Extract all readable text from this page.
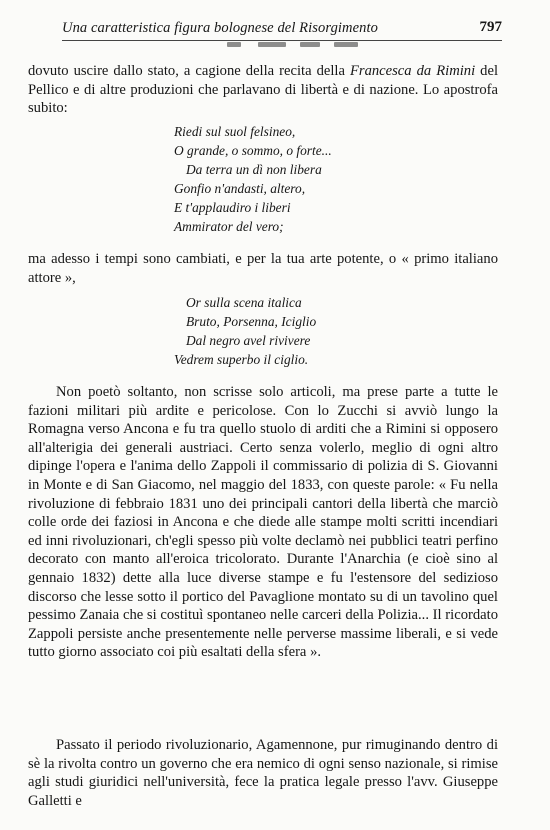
Una caratteristica figura bolognese del Risorgimento	797

dovuto uscire dallo stato, a cagione della recita della Francesca da Rimini del Pellico e di altre produzioni che parlavano di libertà e di nazione. Lo apostrofa subito:

Riedi sul suol felsineo,
O grande, o sommo, o forte...
Da terra un dì non libera
Gonfio n'andasti, altero,
E t'applaudiro i liberi
Ammirator del vero;

ma adesso i tempi sono cambiati, e per la tua arte potente, o « primo italiano attore »,

Or sulla scena italica
Bruto, Porsenna, Iciglio
Dal negro avel rivivere
Vedrem superbo il ciglio.

Non poetò soltanto, non scrisse solo articoli, ma prese parte a tutte le fazioni militari più ardite e pericolose. Con lo Zucchi si avviò lungo la Romagna verso Ancona e fu tra quello stuolo di arditi che a Rimini si opposero all'alterigia dei generali austriaci. Certo senza volerlo, meglio di ogni altro dipinge l'opera e l'anima dello Zappoli il commissario di polizia di S. Giovanni in Monte e di San Giacomo, nel maggio del 1833, con queste parole: « Fu nella rivoluzione di febbraio 1831 uno dei principali cantori della libertà che marciò colle orde dei faziosi in Ancona e che diede alle stampe molti scritti incendiari ed inni rivoluzionari, ch'egli spesso più volte declamò nei pubblici teatri perfino decorato con manto all'eroica tricolorato. Durante l'Anarchia (e cioè sino al gennaio 1832) dette alla luce diverse stampe e fu l'estensore del sedizioso discorso che lesse sotto il portico del Pavaglione montato su di un tavolino quel pessimo Zanaia che si costituì spontaneo nelle carceri della Polizia... Il ricordato Zappoli persiste anche presentemente nelle perverse massime liberali, e si vede tutto giorno associato coi più esaltati della sfera ».

Passato il periodo rivoluzionario, Agamennone, pur rimuginando dentro di sè la rivolta contro un governo che era nemico di ogni senso nazionale, si rimise agli studi giuridici nell'università, fece la pratica legale presso l'avv. Giuseppe Galletti e
